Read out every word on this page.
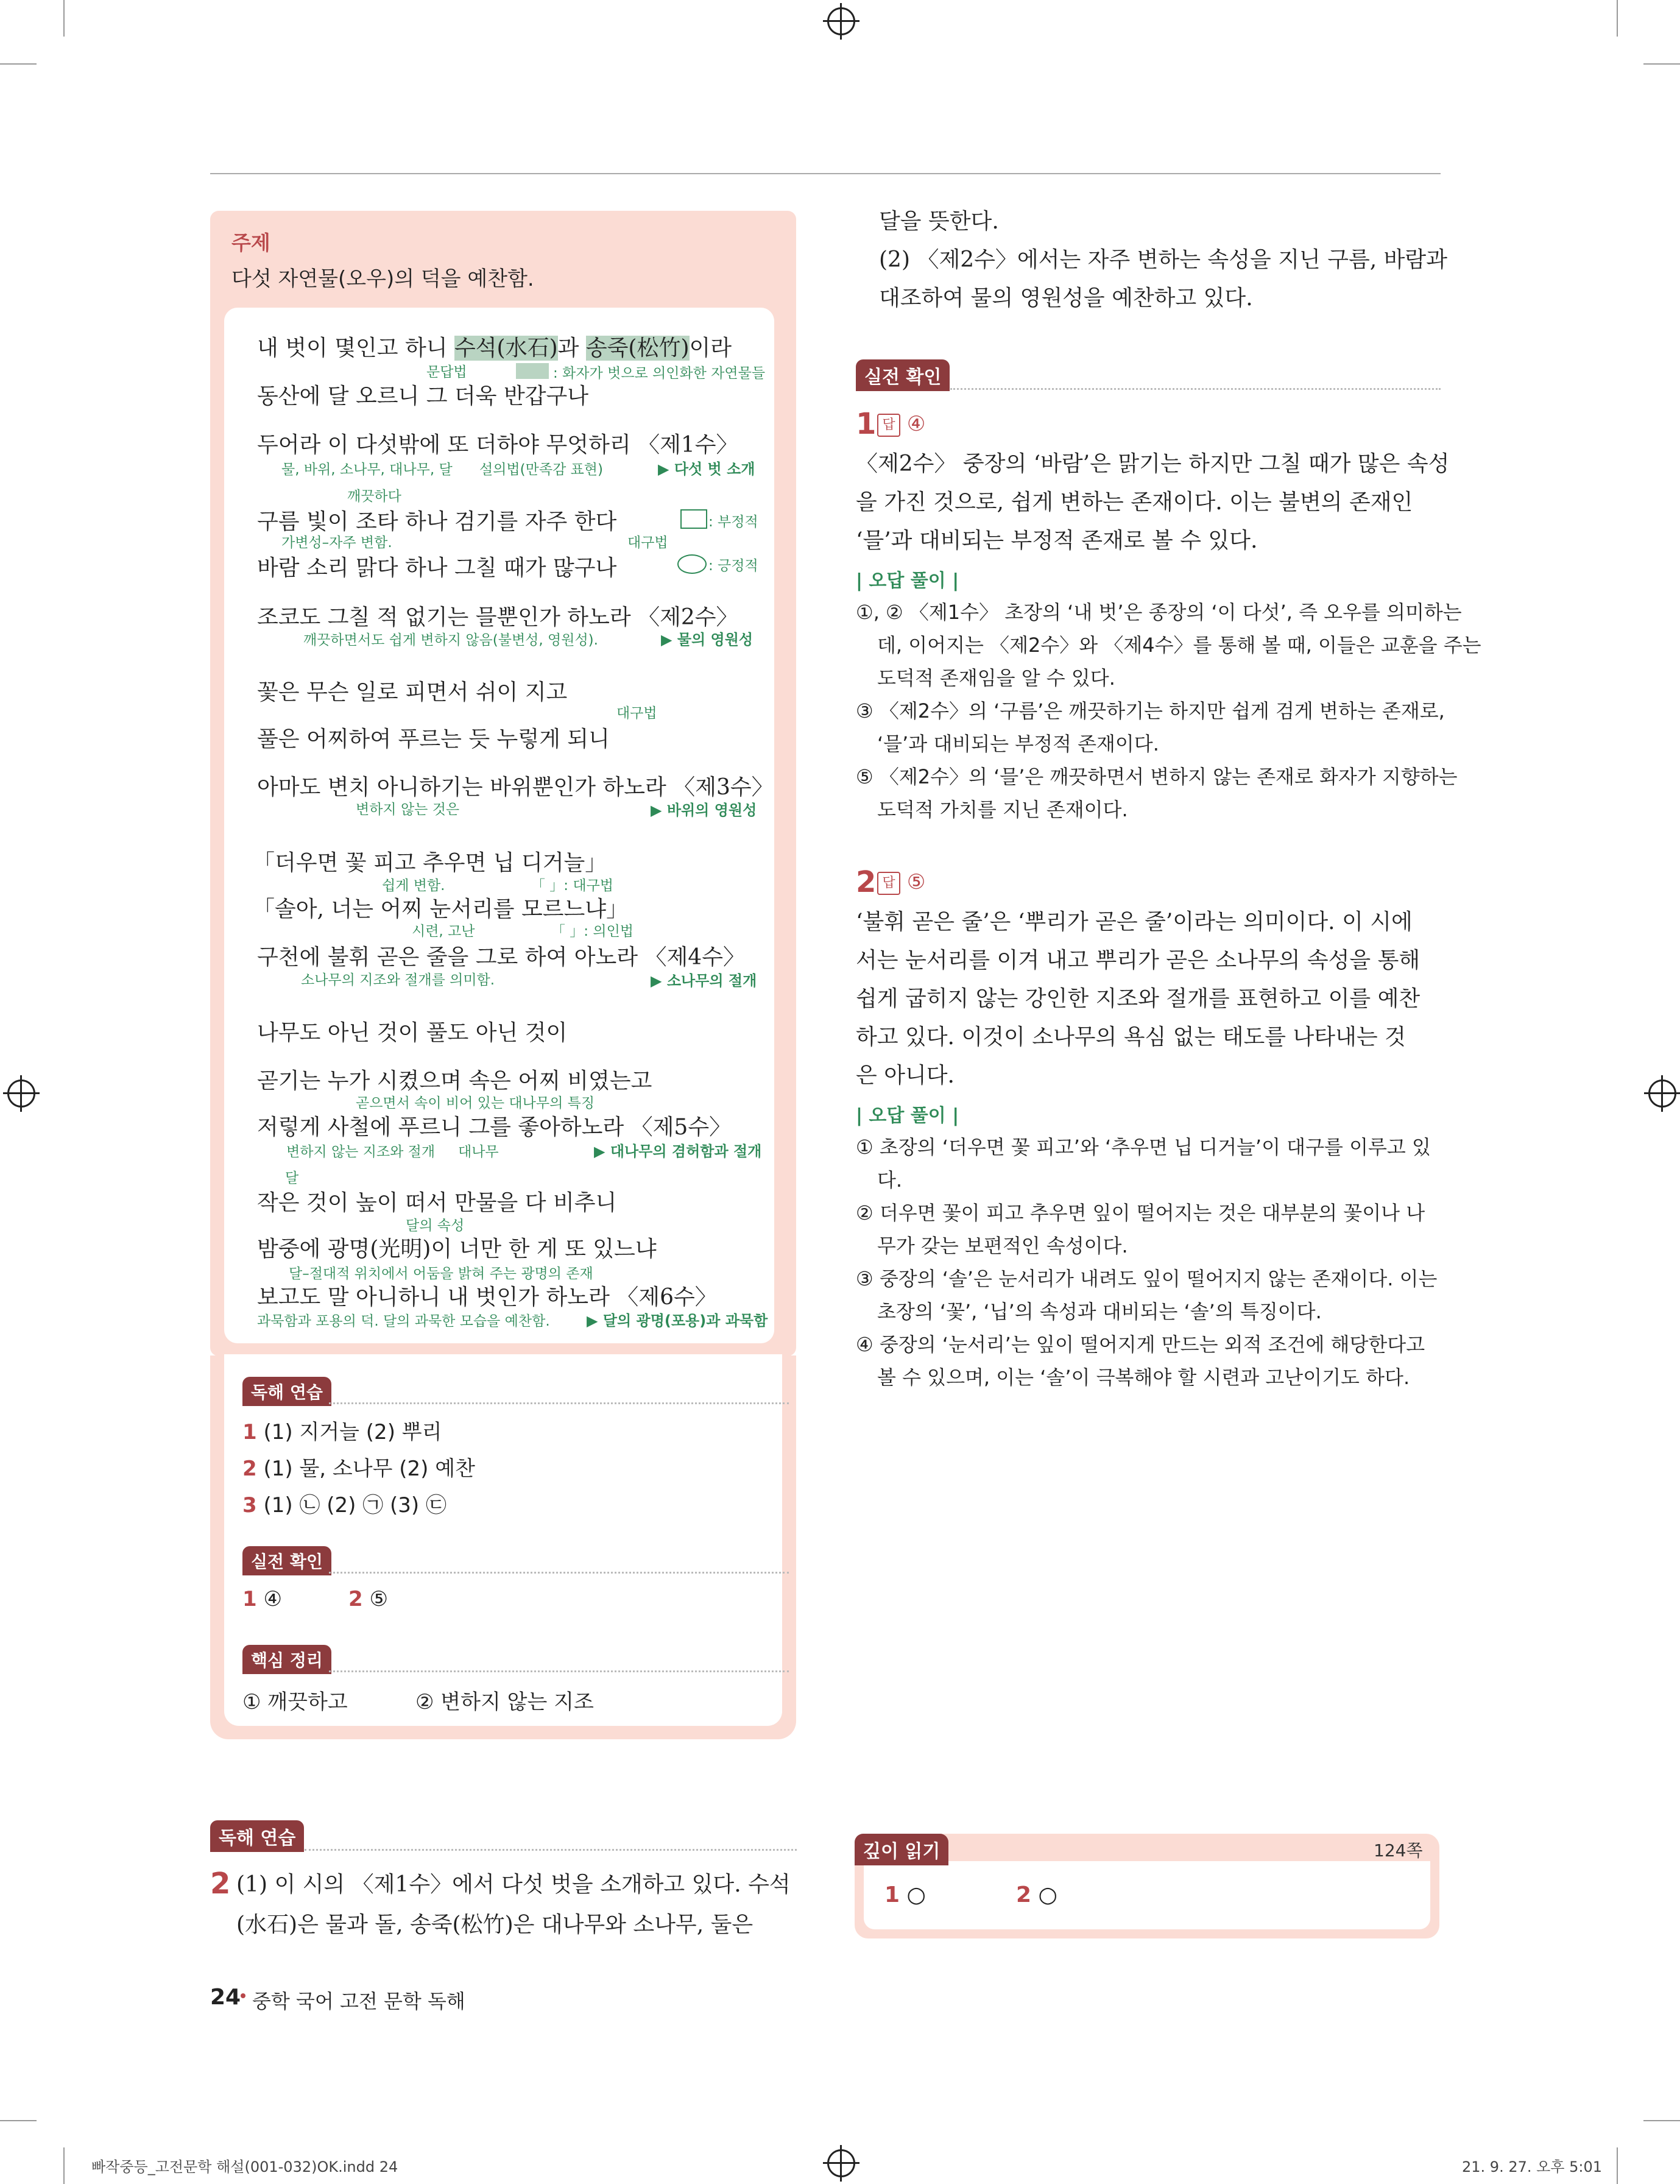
주제
다섯 자연물(오우)의 덕을 예찬함.
내 벗이 몇인고 하니 수석(水石)과 송죽(松竹)이라
문답법	: 화자가 벗으로 의인화한 자연물들
동산에 달 오르니 그 더욱 반갑구나
두어라 이 다섯밖에 또 더하야 무엇하리 〈제1수〉
물, 바위, 소나무, 대나무, 달 설의법(만족감 표현)	▶ 다섯 벗 소개
깨끗하다
구름 빛이 조타 하나 검기를 자주 한다	: 부정적
가변성–자주 변함.	대구법
바람 소리 맑다 하나 그칠 때가 많구나	: 긍정적
조코도 그칠 적 없기는 믈뿐인가 하노라 〈제2수〉
깨끗하면서도 쉽게 변하지 않음(불변성, 영원성).	▶ 물의 영원성
꽃은 무슨 일로 피면서 쉬이 지고
대구법
풀은 어찌하여 푸르는 듯 누렇게 되니
아마도 변치 아니하기는 바위뿐인가 하노라 〈제3수〉
변하지 않는 것은	▶ 바위의 영원성
「더우면 꽃 피고 추우면 닙 디거늘」
쉽게 변함.	「 」: 대구법
「솔아, 너는 어찌 눈서리를 모르느냐」
시련, 고난	「 」: 의인법
구천에 불휘 곧은 줄을 그로 하여 아노라 〈제4수〉
소나무의 지조와 절개를 의미함.	▶ 소나무의 절개
나무도 아닌 것이 풀도 아닌 것이
곧기는 누가 시켰으며 속은 어찌 비였는고
곧으면서 속이 비어 있는 대나무의 특징
저렇게 사철에 푸르니 그를 좋아하노라 〈제5수〉
변하지 않는 지조와 절개 대나무	▶ 대나무의 겸허함과 절개
달
작은 것이 높이 떠서 만물을 다 비추니
달의 속성
밤중에 광명(光明)이 너만 한 게 또 있느냐
달–절대적 위치에서 어둠을 밝혀 주는 광명의 존재
보고도 말 아니하니 내 벗인가 하노라 〈제6수〉
과묵함과 포용의 덕. 달의 과묵한 모습을 예찬함.	▶ 달의 광명(포용)과 과묵함
독해 연습
1 (1) 지거늘 (2) 뿌리
2 (1) 물, 소나무 (2) 예찬
3 (1) ㉡ (2) ㉠ (3) ㉢
실전 확인
1 ④	2 ⑤
핵심 정리
① 깨끗하고	② 변하지 않는 지조
독해 연습
2 (1) 이 시의 〈제1수〉에서 다섯 벗을 소개하고 있다. 수석
(水石)은 물과 돌, 송죽(松竹)은 대나무와 소나무, 둘은
24 중학 국어 고전 문학 독해
빠작중등_고전문학 해설(001-032)OK.indd 24	21. 9. 27. 오후 5:01
달을 뜻한다.
(2) 〈제2수〉에서는 자주 변하는 속성을 지닌 구름, 바람과
대조하여 물의 영원성을 예찬하고 있다.
실전 확인
1 답 ④
〈제2수〉 중장의 ‘바람’은 맑기는 하지만 그칠 때가 많은 속성
을 가진 것으로, 쉽게 변하는 존재이다. 이는 불변의 존재인
‘믈’과 대비되는 부정적 존재로 볼 수 있다.
| 오답 풀이 |
①, ② 〈제1수〉 초장의 ‘내 벗’은 종장의 ‘이 다섯’, 즉 오우를 의미하는
데, 이어지는 〈제2수〉와 〈제4수〉를 통해 볼 때, 이들은 교훈을 주는
도덕적 존재임을 알 수 있다.
③ 〈제2수〉의 ‘구름’은 깨끗하기는 하지만 쉽게 검게 변하는 존재로,
‘믈’과 대비되는 부정적 존재이다.
⑤ 〈제2수〉의 ‘믈’은 깨끗하면서 변하지 않는 존재로 화자가 지향하는
도덕적 가치를 지닌 존재이다.
2 답 ⑤
‘불휘 곧은 줄’은 ‘뿌리가 곧은 줄’이라는 의미이다. 이 시에
서는 눈서리를 이겨 내고 뿌리가 곧은 소나무의 속성을 통해
쉽게 굽히지 않는 강인한 지조와 절개를 표현하고 이를 예찬
하고 있다. 이것이 소나무의 욕심 없는 태도를 나타내는 것
은 아니다.
| 오답 풀이 |
① 초장의 ‘더우면 꽃 피고’와 ‘추우면 닙 디거늘’이 대구를 이루고 있
다.
② 더우면 꽃이 피고 추우면 잎이 떨어지는 것은 대부분의 꽃이나 나
무가 갖는 보편적인 속성이다.
③ 중장의 ‘솔’은 눈서리가 내려도 잎이 떨어지지 않는 존재이다. 이는
초장의 ‘꽃’, ‘닙’의 속성과 대비되는 ‘솔’의 특징이다.
④ 중장의 ‘눈서리’는 잎이 떨어지게 만드는 외적 조건에 해당한다고
볼 수 있으며, 이는 ‘솔’이 극복해야 할 시련과 고난이기도 하다.
깊이 읽기	124쪽
1 ○	2 ○
